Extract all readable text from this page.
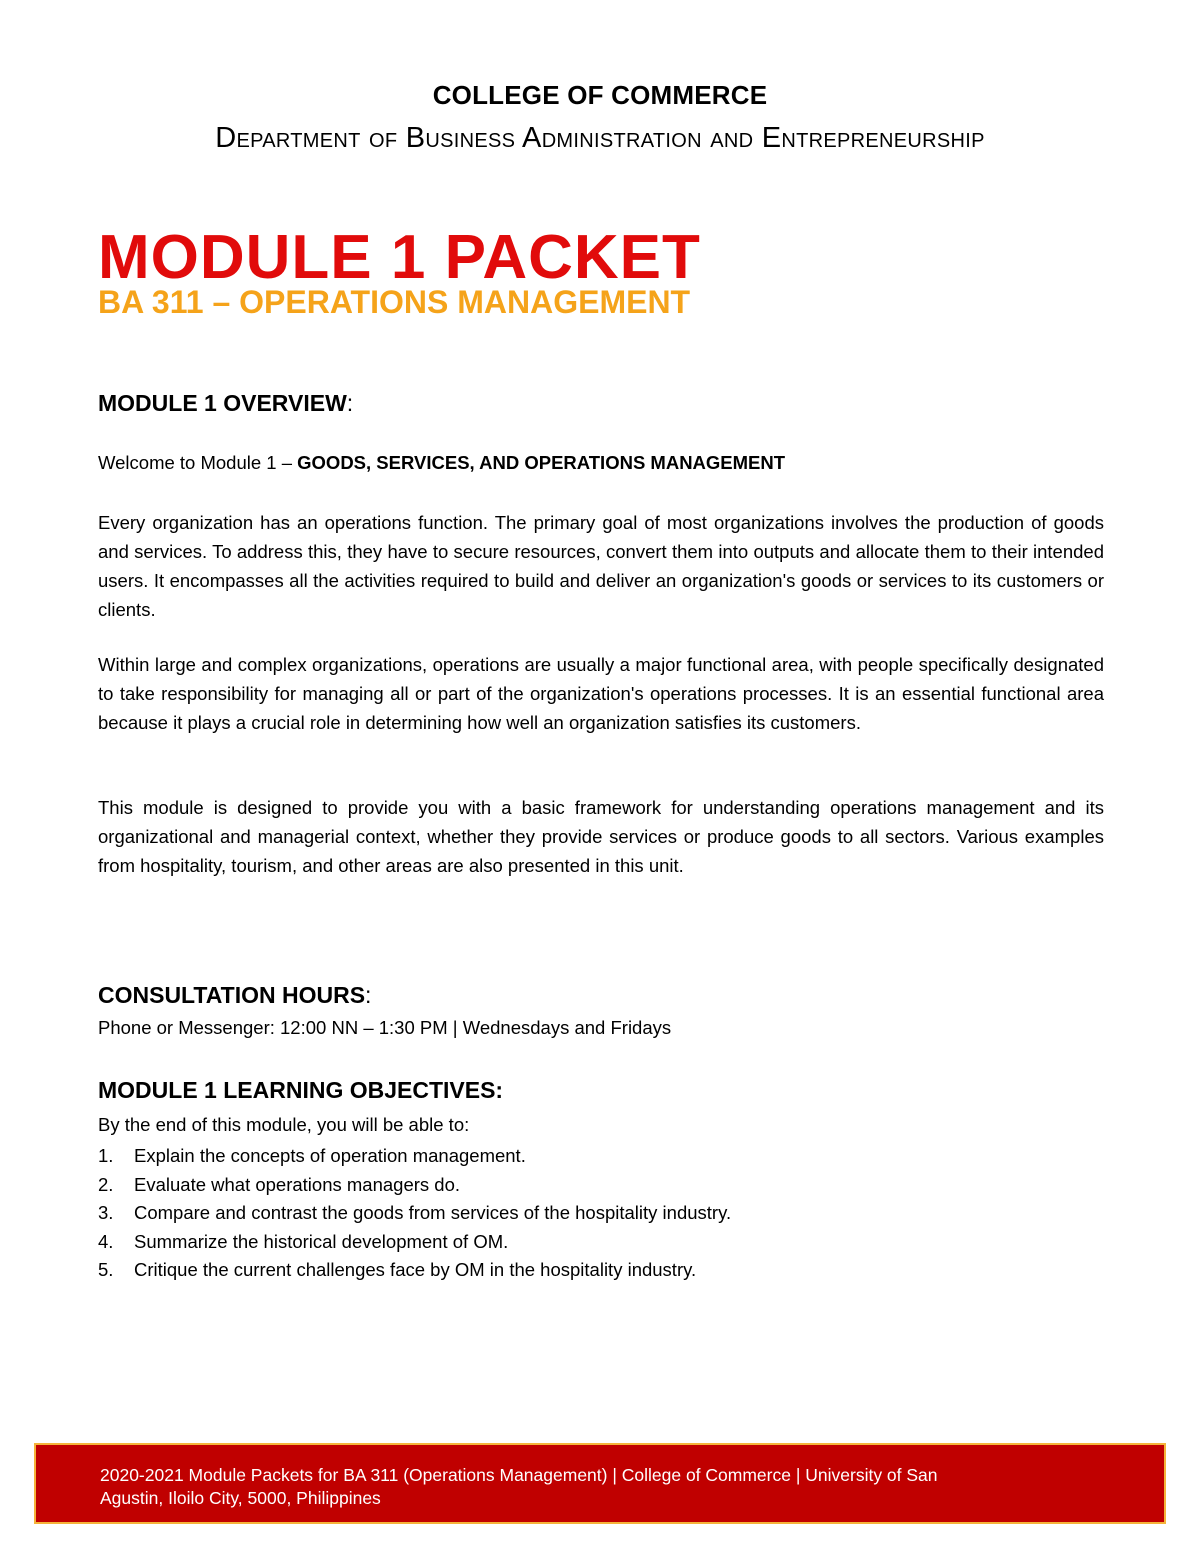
COLLEGE OF COMMERCE
Department of Business Administration and Entrepreneurship
MODULE 1 PACKET
BA 311 – OPERATIONS MANAGEMENT
MODULE 1 OVERVIEW:
Welcome to Module 1 – GOODS, SERVICES, AND OPERATIONS MANAGEMENT
Every organization has an operations function. The primary goal of most organizations involves the production of goods and services. To address this, they have to secure resources, convert them into outputs and allocate them to their intended users. It encompasses all the activities required to build and deliver an organization's goods or services to its customers or clients.
Within large and complex organizations, operations are usually a major functional area, with people specifically designated to take responsibility for managing all or part of the organization's operations processes. It is an essential functional area because it plays a crucial role in determining how well an organization satisfies its customers.
This module is designed to provide you with a basic framework for understanding operations management and its organizational and managerial context, whether they provide services or produce goods to all sectors. Various examples from hospitality, tourism, and other areas are also presented in this unit.
CONSULTATION HOURS:
Phone or Messenger: 12:00 NN – 1:30 PM | Wednesdays and Fridays
MODULE 1 LEARNING OBJECTIVES:
By the end of this module, you will be able to:
1.	Explain the concepts of operation management.
2.	Evaluate what operations managers do.
3.	Compare and contrast the goods from services of the hospitality industry.
4.	Summarize the historical development of OM.
5.	Critique the current challenges face by OM in the hospitality industry.
2020-2021 Module Packets for BA 311 (Operations Management) | College of Commerce | University of San
Agustin, Iloilo City, 5000, Philippines
